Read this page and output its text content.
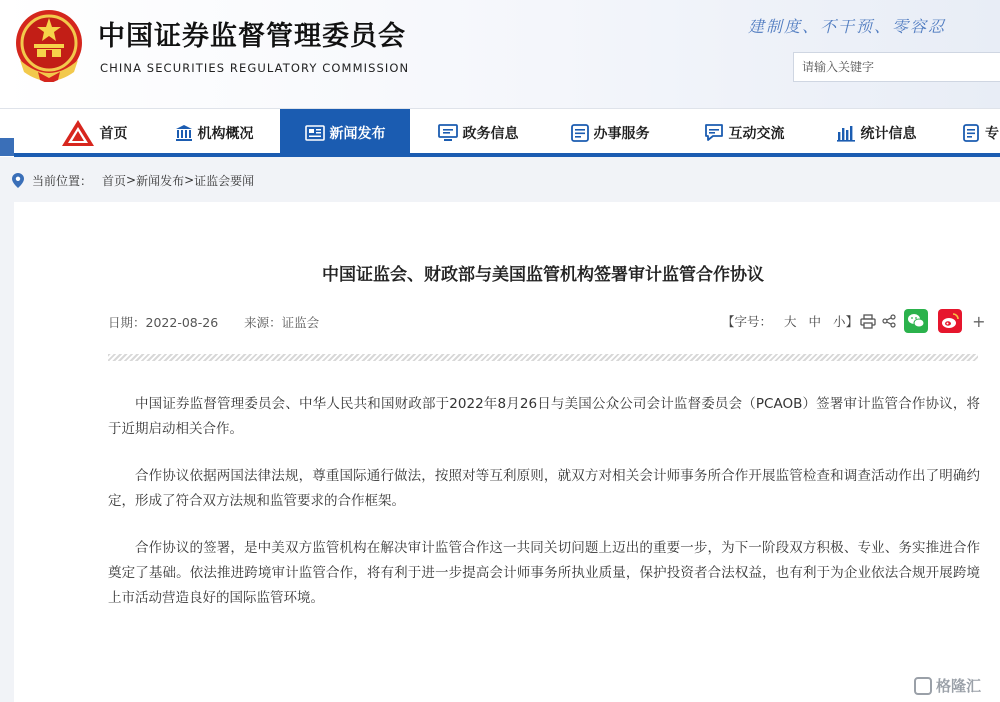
中国证券监督管理委员会
CHINA SECURITIES REGULATORY COMMISSION
建制度、不干预、零容忍
请输入关键字
首页	机构概况	新闻发布	政务信息	办事服务	互动交流	统计信息	专
当前位置： 首页 > 新闻发布 > 证监会要闻
中国证监会、财政部与美国监管机构签署审计监管合作协议
日期：2022-08-26 来源：证监会	【字号： 大 中 小 】	+

中国证券监督管理委员会、中华人民共和国财政部于2022年8月26日与美国公众公司会计监督委员会（PCAOB）签署审计监管合作协议，将于近期启动相关合作。

合作协议依据两国法律法规，尊重国际通行做法，按照对等互利原则，就双方对相关会计师事务所合作开展监管检查和调查活动作出了明确约定，形成了符合双方法规和监管要求的合作框架。

合作协议的签署，是中美双方监管机构在解决审计监管合作这一共同关切问题上迈出的重要一步，为下一阶段双方积极、专业、务实推进合作奠定了基础。依法推进跨境审计监管合作，将有利于进一步提高会计师事务所执业质量，保护投资者合法权益，也有利于为企业依法合规开展跨境上市活动营造良好的国际监管环境。

格隆汇
